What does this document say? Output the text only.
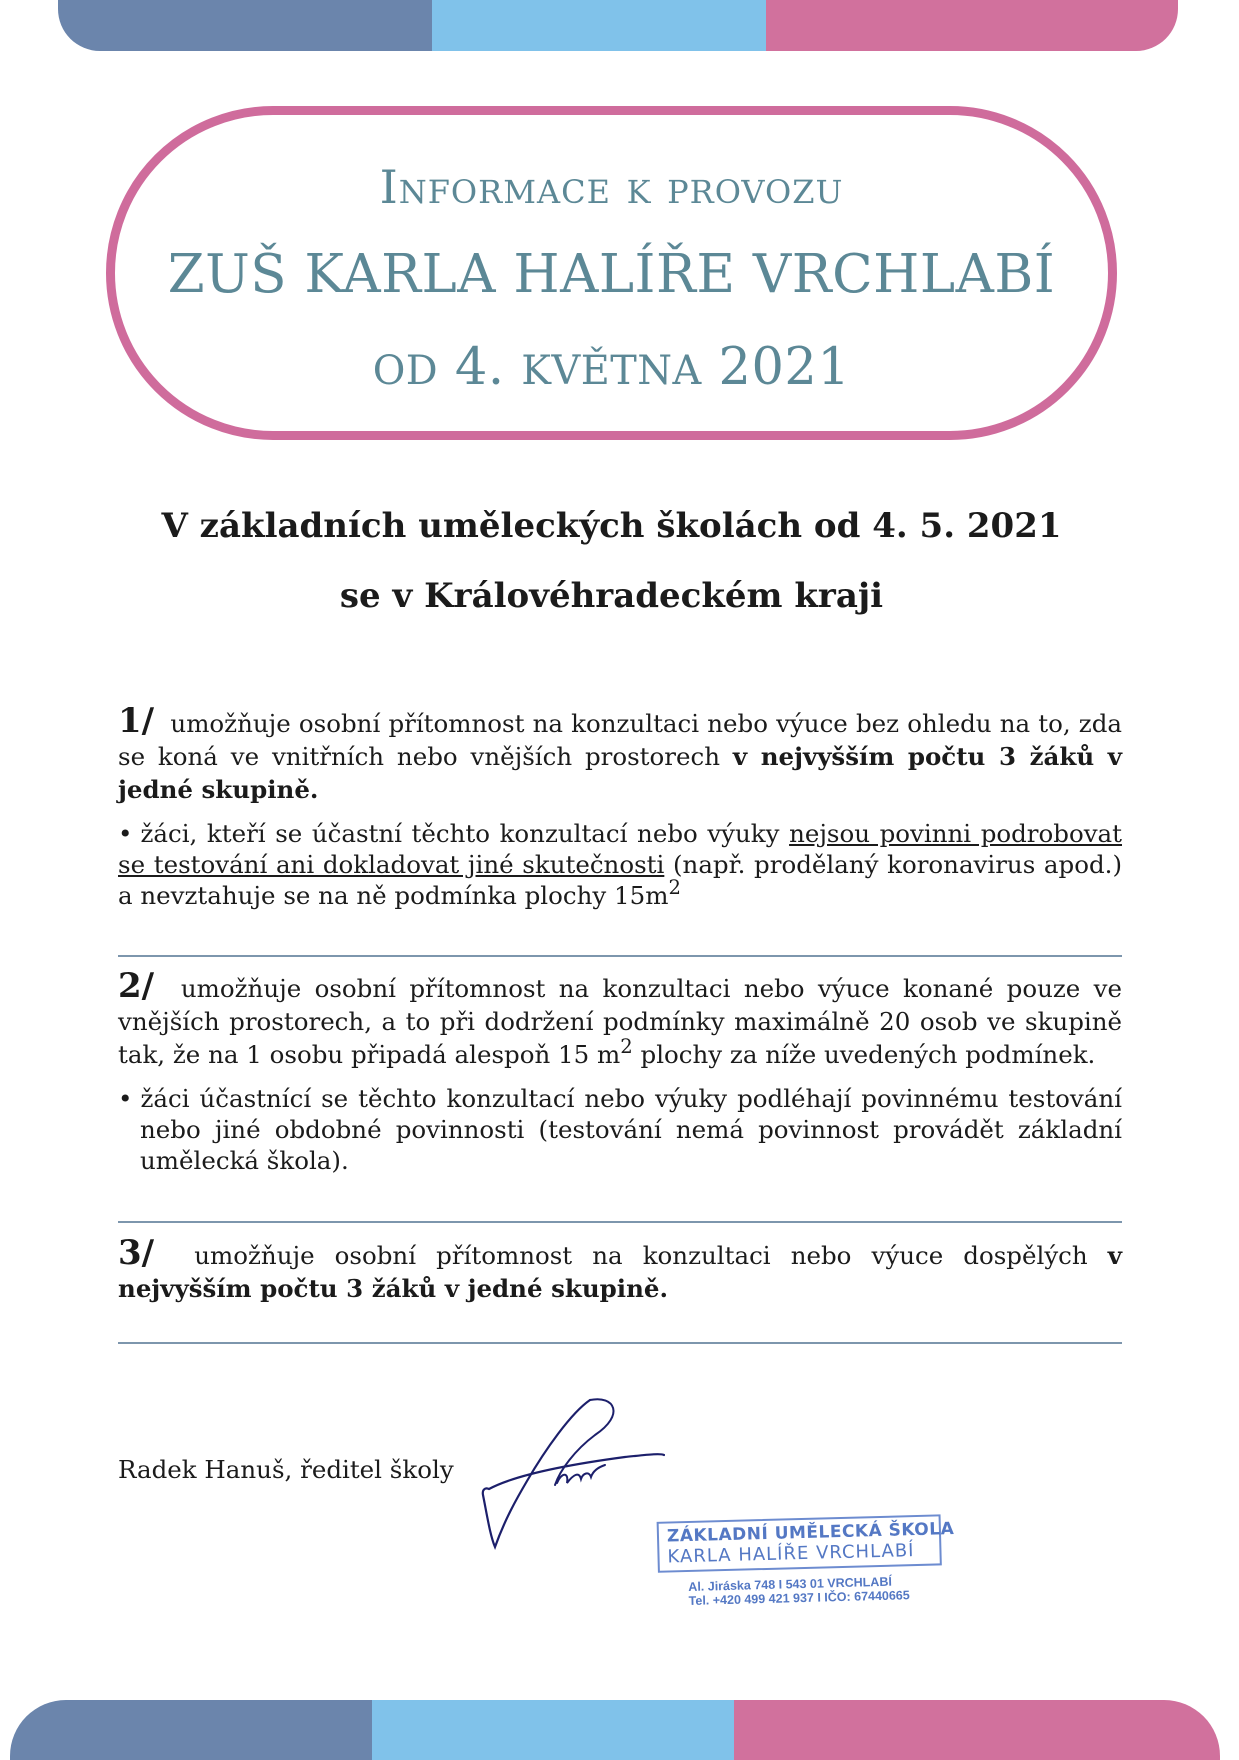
Informace k provozu

ZUŠ KARLA HALÍŘE VRCHLABÍ

OD 4. KVĚTNA 2021

V základních uměleckých školách od 4. 5. 2021

se v Královéhradeckém kraji

1/ umožňuje osobní přítomnost na konzultaci nebo výuce bez ohledu na to, zda se koná ve vnitřních nebo vnějších prostorech v nejvyšším počtu 3 žáků v jedné skupině.

• žáci, kteří se účastní těchto konzultací nebo výuky nejsou povinni podrobovat se testování ani dokladovat jiné skutečnosti (např. prodělaný koronavirus apod.) a nevztahuje se na ně podmínka plochy $15m^2$

2/ umožňuje osobní přítomnost na konzultaci nebo výuce konané pouze ve vnějších prostorech, a to při dodržení podmínky maximálně 20 osob ve skupině tak, že na 1 osobu připadá alespoň 15 $m^2$ plochy za níže uvedených podmínek.

• žáci účastnící se těchto konzultací nebo výuky podléhají povinnému testování nebo jiné obdobné povinnosti (testování nemá povinnost provádět základní umělecká škola).

3/ umožňuje osobní přítomnost na konzultaci nebo výuce dospělých v nejvyšším počtu 3 žáků v jedné skupině.

Radek Hanuš, ředitel školy

ZÁKLADNÍ UMĚLECKÁ ŠKOLA
KARLA HALÍŘE VRCHLABÍ
Al. Jiráska 748 I 543 01 VRCHLABÍ
Tel. +420 499 421 937 I IČO: 67440665
